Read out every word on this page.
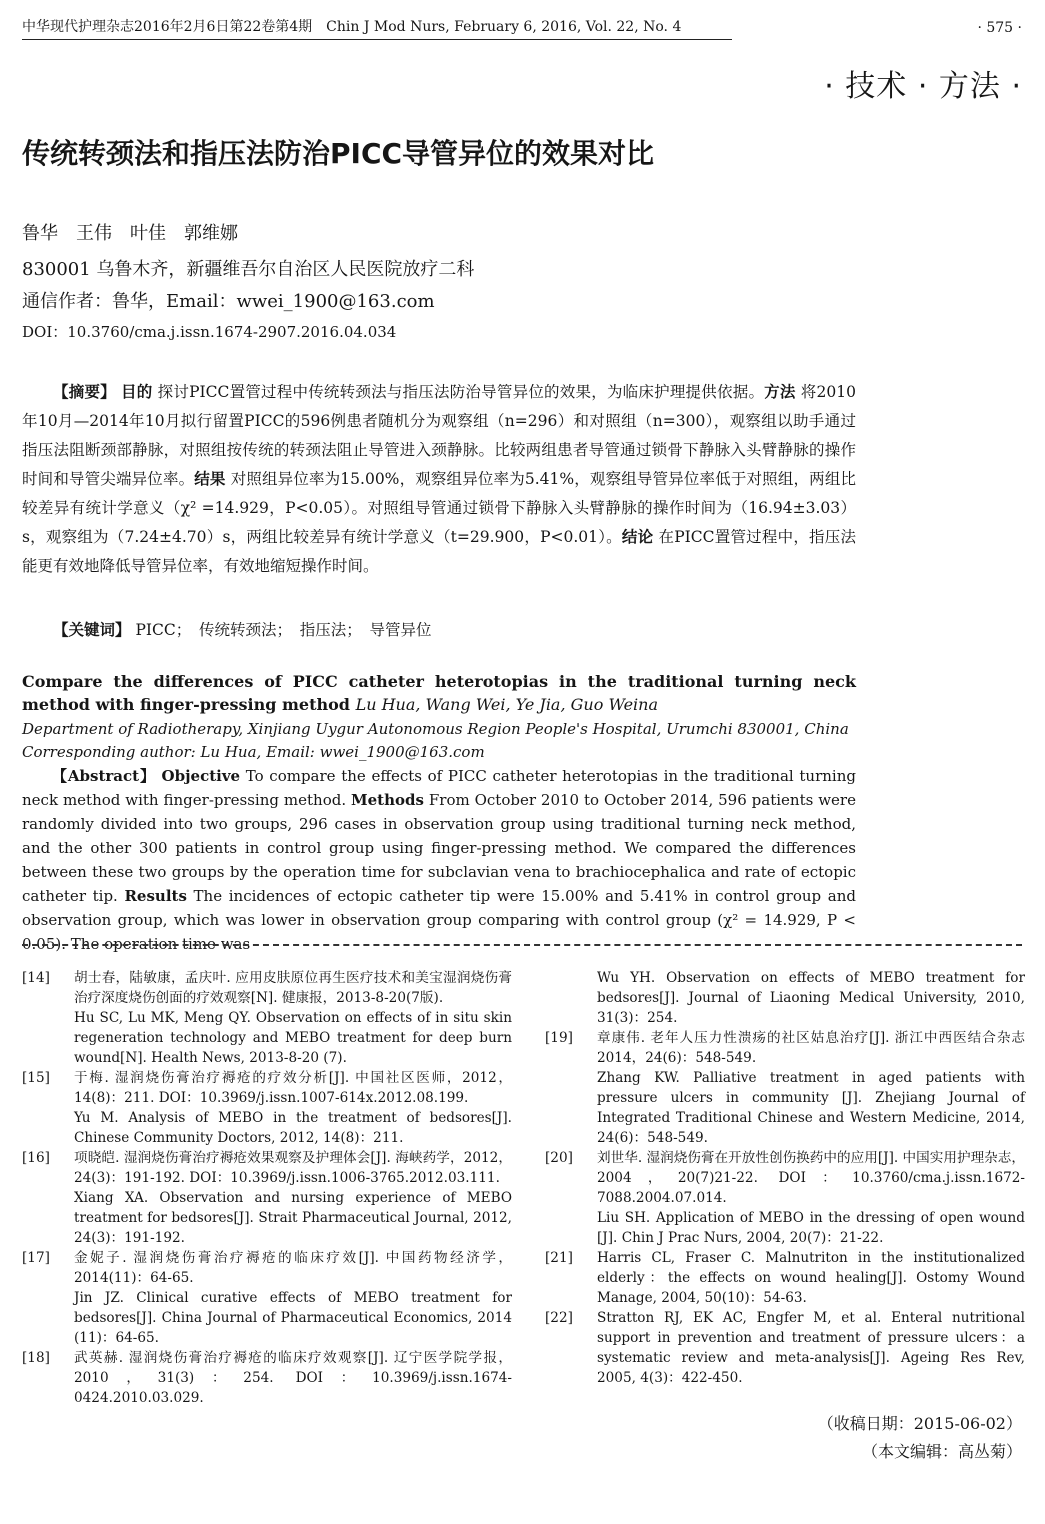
中华现代护理杂志2016年2月6日第22卷第4期　Chin J Mod Nurs, February 6, 2016, Vol. 22, No. 4	· 575 ·
· 技术 · 方法 ·
传统转颈法和指压法防治PICC导管异位的效果对比
鲁华　王伟　叶佳　郭维娜
830001 乌鲁木齐，新疆维吾尔自治区人民医院放疗二科
通信作者：鲁华，Email：wwei_1900@163.com
DOI：10.3760/cma.j.issn.1674-2907.2016.04.034
【摘要】 目的 探讨PICC置管过程中传统转颈法与指压法防治导管异位的效果，为临床护理提供依据。方法 将2010年10月—2014年10月拟行留置PICC的596例患者随机分为观察组（n=296）和对照组（n=300），观察组以助手通过指压法阻断颈部静脉，对照组按传统的转颈法阻止导管进入颈静脉。比较两组患者导管通过锁骨下静脉入头臂静脉的操作时间和导管尖端异位率。结果 对照组异位率为15.00%，观察组异位率为5.41%，观察组导管异位率低于对照组，两组比较差异有统计学意义（χ² =14.929，P<0.05）。对照组导管通过锁骨下静脉入头臂静脉的操作时间为（16.94±3.03）s，观察组为（7.24±4.70）s，两组比较差异有统计学意义（t=29.900，P<0.01）。结论 在PICC置管过程中，指压法能更有效地降低导管异位率，有效地缩短操作时间。
【关键词】 PICC；　传统转颈法；　指压法；　导管异位
Compare the differences of PICC catheter heterotopias in the traditional turning neck method with finger-pressing method Lu Hua, Wang Wei, Ye Jia, Guo Weina
Department of Radiotherapy, Xinjiang Uygur Autonomous Region People's Hospital, Urumchi 830001, China
Corresponding author: Lu Hua, Email: wwei_1900@163.com
【Abstract】 Objective To compare the effects of PICC catheter heterotopias in the traditional turning neck method with finger-pressing method. Methods From October 2010 to October 2014, 596 patients were randomly divided into two groups, 296 cases in observation group using traditional turning neck method, and the other 300 patients in control group using finger-pressing method. We compared the differences between these two groups by the operation time for subclavian vena to brachiocephalica and rate of ectopic catheter tip. Results The incidences of ectopic catheter tip were 15.00% and 5.41% in control group and observation group, which was lower in observation group comparing with control group (χ² = 14.929, P < 0.05). The operation time was
[14] 胡士春，陆敏康，孟庆叶. 应用皮肤原位再生医疗技术和美宝湿润烧伤膏治疗深度烧伤创面的疗效观察[N]. 健康报，2013-8-20(7版).
Hu SC, Lu MK, Meng QY. Observation on effects of in situ skin regeneration technology and MEBO treatment for deep burn wound[N]. Health News, 2013-8-20 (7).
[15] 于梅. 湿润烧伤膏治疗褥疮的疗效分析[J]. 中国社区医师，2012，14(8)：211. DOI：10.3969/j.issn.1007-614x.2012.08.199.
Yu M. Analysis of MEBO in the treatment of bedsores[J]. Chinese Community Doctors, 2012, 14(8)：211.
[16] 项晓皑. 湿润烧伤膏治疗褥疮效果观察及护理体会[J]. 海峡药学，2012，24(3)：191-192. DOI：10.3969/j.issn.1006-3765.2012.03.111.
Xiang XA. Observation and nursing experience of MEBO treatment for bedsores[J]. Strait Pharmaceutical Journal, 2012, 24(3)：191-192.
[17] 金妮子. 湿润烧伤膏治疗褥疮的临床疗效[J]. 中国药物经济学，2014(11)：64-65.
Jin JZ. Clinical curative effects of MEBO treatment for bedsores[J]. China Journal of Pharmaceutical Economics, 2014 (11)：64-65.
[18] 武英赫. 湿润烧伤膏治疗褥疮的临床疗效观察[J]. 辽宁医学院学报，2010，31(3)：254. DOI：10.3969/j.issn.1674-0424.2010.03.029.
Wu YH. Observation on effects of MEBO treatment for bedsores[J]. Journal of Liaoning Medical University, 2010, 31(3)：254.
[19] 章康伟. 老年人压力性溃疡的社区姑息治疗[J]. 浙江中西医结合杂志 2014，24(6)：548-549.
Zhang KW. Palliative treatment in aged patients with pressure ulcers in community [J]. Zhejiang Journal of Integrated Traditional Chinese and Western Medicine, 2014, 24(6)：548-549.
[20] 刘世华. 湿润烧伤膏在开放性创伤换药中的应用[J]. 中国实用护理杂志，2004，20(7)21-22. DOI：10.3760/cma.j.issn.1672-7088.2004.07.014.
Liu SH. Application of MEBO in the dressing of open wound [J]. Chin J Prac Nurs, 2004, 20(7)：21-22.
[21] Harris CL, Fraser C. Malnutriton in the institutionalized elderly：the effects on wound healing[J]. Ostomy Wound Manage, 2004, 50(10)：54-63.
[22] Stratton RJ, EK AC, Engfer M, et al. Enteral nutritional support in prevention and treatment of pressure ulcers：a systematic review and meta-analysis[J]. Ageing Res Rev, 2005, 4(3)：422-450.
（收稿日期：2015-06-02）
（本文编辑：高丛菊）
